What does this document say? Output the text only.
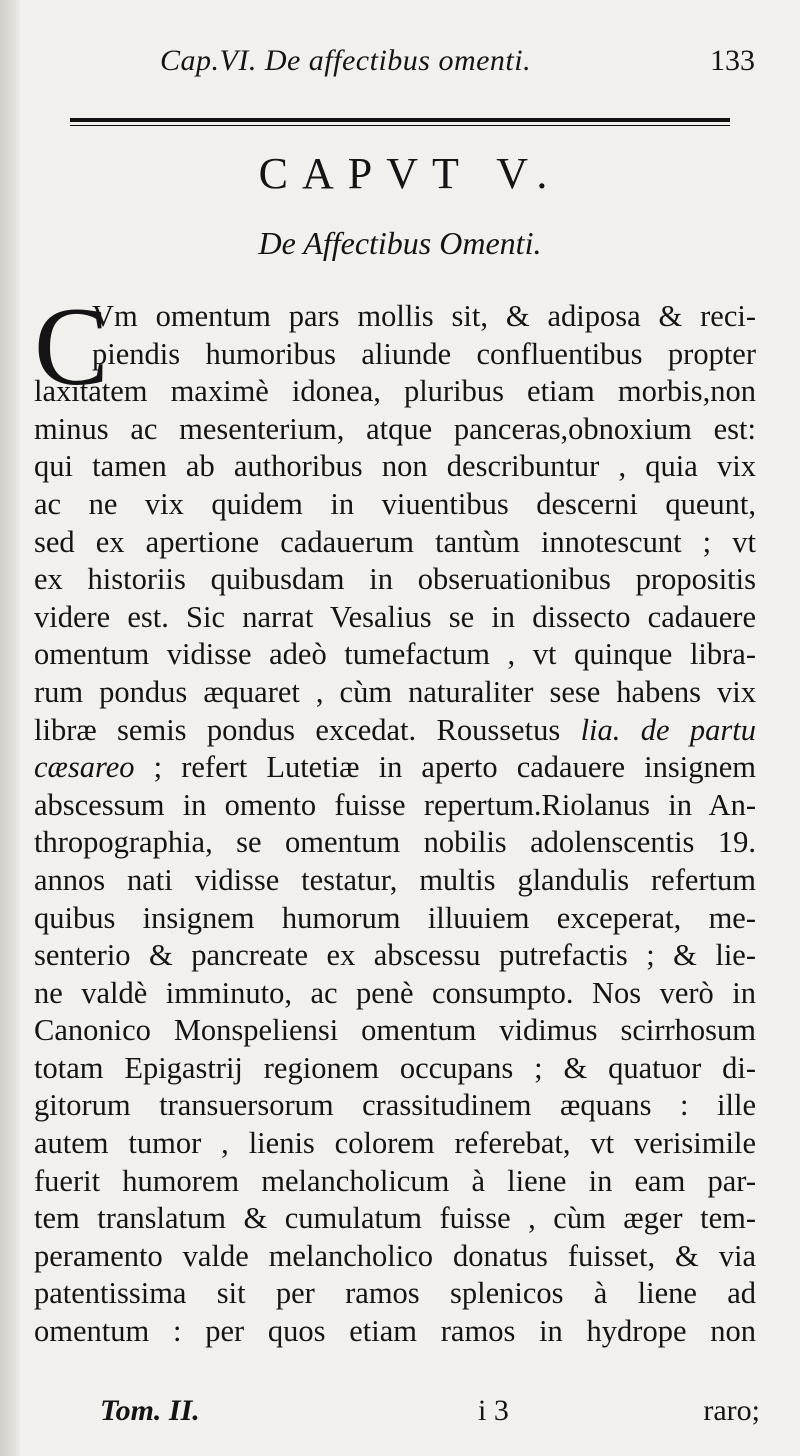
Cap.VI. De affectibus omenti.	133
CAPVT V.
De Affectibus Omenti.
C
Vm omentum pars mollis sit, & adiposa & reci-
piendis humoribus aliunde confluentibus propter
laxitatem maximè idonea, pluribus etiam morbis,non
minus ac mesenterium, atque panceras,obnoxium est:
qui tamen ab authoribus non describuntur , quia vix
ac ne vix quidem in viuentibus descerni queunt,
sed ex apertione cadauerum tantùm innotescunt ; vt
ex historiis quibusdam in obseruationibus propositis
videre est. Sic narrat Vesalius se in dissecto cadauere
omentum vidisse adeò tumefactum , vt quinque libra-
rum pondus æquaret , cùm naturaliter sese habens vix
libræ semis pondus excedat. Roussetus lia. de partu
cæsareo ; refert Lutetiæ in aperto cadauere insignem
abscessum in omento fuisse repertum.Riolanus in An-
thropographia, se omentum nobilis adolenscentis 19.
annos nati vidisse testatur, multis glandulis refertum
quibus insignem humorum illuuiem exceperat, me-
senterio & pancreate ex abscessu putrefactis ; & lie-
ne valdè imminuto, ac penè consumpto. Nos verò in
Canonico Monspeliensi omentum vidimus scirrhosum
totam Epigastrij regionem occupans ; & quatuor di-
gitorum transuersorum crassitudinem æquans : ille
autem tumor , lienis colorem referebat, vt verisimile
fuerit humorem melancholicum à liene in eam par-
tem translatum & cumulatum fuisse , cùm æger tem-
peramento valde melancholico donatus fuisset, & via
patentissima sit per ramos splenicos à liene ad
omentum : per quos etiam ramos in hydrope non
Tom. II.	i 3	raro;
